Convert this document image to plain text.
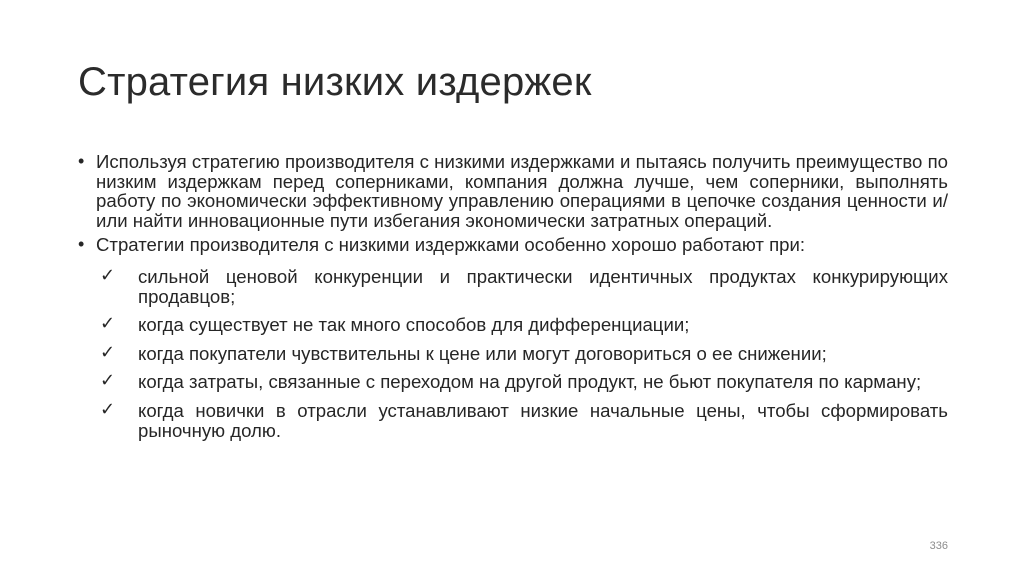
Стратегия низких издержек
• Используя стратегию производителя с низкими издержками и пытаясь получить преимущество по низким издержкам перед соперниками, компания должна лучше, чем соперники, выполнять работу по экономически эффективному управлению операциями в цепочке создания ценности и/или найти инновационные пути избегания экономически затратных операций.
• Стратегии производителя с низкими издержками особенно хорошо работают при:
✓ сильной ценовой конкуренции и практически идентичных продуктах конкурирующих продавцов;
✓ когда существует не так много способов для дифференциации;
✓ когда покупатели чувствительны к цене или могут договориться о ее снижении;
✓ когда затраты, связанные с переходом на другой продукт, не бьют покупателя по карману;
✓ когда новички в отрасли устанавливают низкие начальные цены, чтобы сформировать рыночную долю.
336
